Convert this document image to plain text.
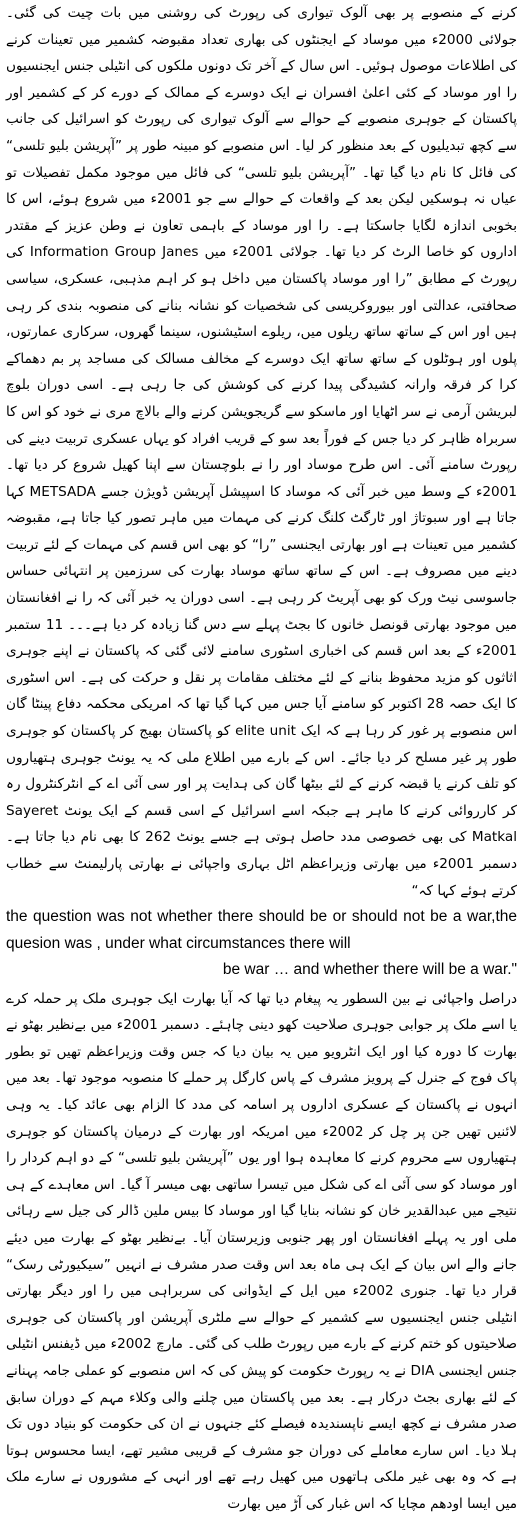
کرنے کے منصوبے پر بھی آلوک تیواری کی رپورٹ کی روشنی میں بات چیت کی گئی۔ جولائی 2000ء میں موساد کے ایجنٹوں کی بھاری تعداد مقبوضہ کشمیر میں تعینات کرنے کی اطلاعات موصول ہوئیں۔ اس سال کے آخر تک دونوں ملکوں کی انٹیلی جنس ایجنسیوں را اور موساد کے کئی اعلیٰ افسران نے ایک دوسرے کے ممالک کے دورے کر کے کشمیر اور پاکستان کے جوہری منصوبے کے حوالے سے آلوک تیواری کی رپورٹ کو اسرائیل کی جانب سے کچھ تبدیلیوں کے بعد منظور کر لیا۔ اس منصوبے کو مبینہ طور پر ”آپریشن بلیو تلسی“ کی فائل کا نام دیا گیا تھا۔ ”آپریشن بلیو تلسی“ کی فائل میں موجود مکمل تفصیلات تو عیاں نہ ہوسکیں لیکن بعد کے واقعات کے حوالے سے جو 2001ء میں شروع ہوئے، اس کا بخوبی اندازہ لگایا جاسکتا ہے۔ را اور موساد کے باہمی تعاون نے وطن عزیز کے مقتدر اداروں کو خاصا الرٹ کر دیا تھا۔ جولائی 2001ء میں Information Group Janes کی رپورٹ کے مطابق ”را اور موساد پاکستان میں داخل ہو کر اہم مذہبی، عسکری، سیاسی صحافتی، عدالتی اور بیوروکریسی کی شخصیات کو نشانہ بنانے کی منصوبہ بندی کر رہی ہیں اور اس کے ساتھ ساتھ ریلوں میں، ریلوے اسٹیشنوں، سینما گھروں، سرکاری عمارتوں، پلوں اور ہوٹلوں کے ساتھ ساتھ ایک دوسرے کے مخالف مسالک کی مساجد پر بم دھماکے کرا کر فرقہ وارانہ کشیدگی پیدا کرنے کی کوشش کی جا رہی ہے۔ اسی دوران بلوچ لبریشن آرمی نے سر اٹھایا اور ماسکو سے گریجویشن کرنے والے بالاچ مری نے خود کو اس کا سربراہ ظاہر کر دیا جس کے فوراً بعد سو کے قریب افراد کو یہاں عسکری تربیت دینے کی رپورٹ سامنے آئی۔ اس طرح موساد اور را نے بلوچستان سے اپنا کھیل شروع کر دیا تھا۔ 2001ء کے وسط میں خبر آئی کہ موساد کا اسپیشل آپریشن ڈویژن جسے METSADA کہا جاتا ہے اور سبوتاژ اور ٹارگٹ کلنگ کرنے کی مہمات میں ماہر تصور کیا جاتا ہے، مقبوضہ کشمیر میں تعینات ہے اور بھارتی ایجنسی ”را“ کو بھی اس قسم کی مہمات کے لئے تربیت دینے میں مصروف ہے۔ اس کے ساتھ ساتھ موساد بھارت کی سرزمین پر انتہائی حساس جاسوسی نیٹ ورک کو بھی آپریٹ کر رہی ہے۔ اسی دوران یہ خبر آئی کہ را نے افغانستان میں موجود بھارتی قونصل خانوں کا بجٹ پہلے سے دس گنا زیادہ کر دیا ہے۔۔۔ 11 ستمبر 2001ء کے بعد اس قسم کی اخباری اسٹوری سامنے لائی گئی کہ پاکستان نے اپنے جوہری اثاثوں کو مزید محفوظ بنانے کے لئے مختلف مقامات پر نقل و حرکت کی ہے۔ اس اسٹوری کا ایک حصہ 28 اکتوبر کو سامنے آیا جس میں کہا گیا تھا کہ امریکی محکمہ دفاع پینٹا گان اس منصوبے پر غور کر رہا ہے کہ ایک elite unit کو پاکستان بھیج کر پاکستان کو جوہری طور پر غیر مسلح کر دیا جائے۔ اس کے بارے میں اطلاع ملی کہ یہ یونٹ جوہری ہتھیاروں کو تلف کرنے یا قبضہ کرنے کے لئے بیٹھا گان کی ہدایت پر اور سی آئی اے کے انٹرکنٹرول رہ کر کارروائی کرنے کا ماہر ہے جبکہ اسے اسرائیل کے اسی قسم کے ایک یونٹ Sayeret Matkal کی بھی خصوصی مدد حاصل ہوتی ہے جسے یونٹ 262 کا بھی نام دیا جاتا ہے۔ دسمبر 2001ء میں بھارتی وزیراعظم اٹل بہاری واجپائی نے بھارتی پارلیمنٹ سے خطاب کرتے ہوئے کہا کہ“

the question was not whether there should be or should not be a war,the quesion was , under what circumstances there will
be war … and whether there will be a war."

دراصل واجپائی نے بین السطور یہ پیغام دیا تھا کہ آیا بھارت ایک جوہری ملک پر حملہ کرے یا اسے ملک پر جوابی جوہری صلاحیت کھو دینی چاہئے۔ دسمبر 2001ء میں بےنظیر بھٹو نے بھارت کا دورہ کیا اور ایک انٹرویو میں یہ بیان دیا کہ جس وقت وزیراعظم تھیں تو بطور پاک فوج کے جنرل کے پرویز مشرف کے پاس کارگل پر حملے کا منصوبہ موجود تھا۔ بعد میں انہوں نے پاکستان کے عسکری اداروں پر اسامہ کی مدد کا الزام بھی عائد کیا۔ یہ وہی لائنیں تھیں جن پر چل کر 2002ء میں امریکہ اور بھارت کے درمیان پاکستان کو جوہری ہتھیاروں سے محروم کرنے کا معاہدہ ہوا اور یوں ”آپریشن بلیو تلسی“ کے دو اہم کردار را اور موساد کو سی آئی اے کی شکل میں تیسرا ساتھی بھی میسر آ گیا۔ اس معاہدے کے ہی نتیجے میں عبدالقدیر خان کو نشانہ بنایا گیا اور موساد کا بیس ملین ڈالر کی جیل سے رہائی ملی اور یہ پہلے افغانستان اور پھر جنوبی وزیرستان آیا۔ بےنظیر بھٹو کے بھارت میں دیئے جانے والے اس بیان کے ایک ہی ماہ بعد اس وقت صدر مشرف نے انہیں ”سیکیورٹی رسک“ قرار دیا تھا۔ جنوری 2002ء میں ایل کے ایڈوانی کی سربراہی میں را اور دیگر بھارتی انٹیلی جنس ایجنسیوں سے کشمیر کے حوالے سے ملٹری آپریشن اور پاکستان کی جوہری صلاحیتوں کو ختم کرنے کے بارے میں رپورٹ طلب کی گئی۔ مارچ 2002ء میں ڈیفنس انٹیلی جنس ایجنسی DIA نے یہ رپورٹ حکومت کو پیش کی کہ اس منصوبے کو عملی جامہ پہنانے کے لئے بھاری بجٹ درکار ہے۔ بعد میں پاکستان میں چلنے والی وکلاء مہم کے دوران سابق صدر مشرف نے کچھ ایسے ناپسندیدہ فیصلے کئے جنہوں نے ان کی حکومت کو بنیاد دوں تک ہلا دیا۔ اس سارے معاملے کی دوران جو مشرف کے قریبی مشیر تھے، ایسا محسوس ہوتا ہے کہ وہ بھی غیر ملکی ہاتھوں میں کھیل رہے تھے اور انہی کے مشوروں نے سارے ملک میں ایسا اودھم مچایا کہ اس غبار کی آڑ میں بھارت
